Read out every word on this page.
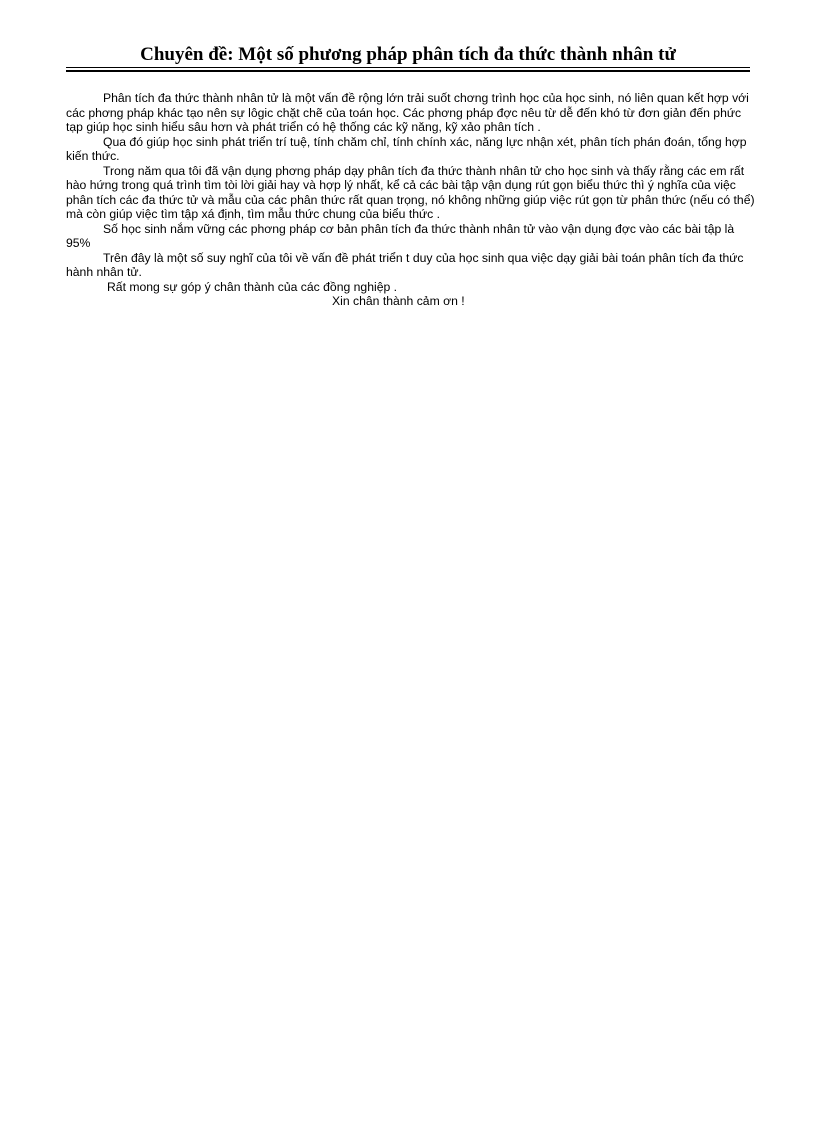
Chuyên đề: Một số phương pháp phân tích đa thức thành nhân tử

Phân tích đa thức thành nhân tử là một vấn đề rộng lớn trải suốt chơng trình học của học sinh, nó liên quan kết hợp với các phơng pháp khác tạo nên sự lôgic chặt chẽ của toán học. Các phơng pháp đợc nêu từ dễ đến khó từ đơn giản đến phức tạp giúp học sinh hiểu sâu hơn và phát triển có hệ thống các kỹ năng, kỹ xảo phân tích .

Qua đó giúp học sinh phát triển trí tuệ, tính chăm chỉ, tính chính xác, năng lực nhận xét, phân tích phán đoán, tổng hợp kiến thức.

Trong năm qua tôi đã vận dụng phơng pháp dạy phân tích đa thức thành nhân tử cho học sinh và thấy rằng các em rất hào hứng trong quá trình tìm tòi lời giải hay và hợp lý nhất, kể cả các bài tập vận dụng rút gọn biểu thức thì ý nghĩa của việc phân tích các đa thức tử và mẫu của các phân thức rất quan trọng, nó không những giúp việc rút gọn từ phân thức (nếu có thể) mà còn giúp việc tìm tập xá định, tìm mẫu thức chung của biểu thức .

Số học sinh nắm vững các phơng pháp cơ bản phân tích đa thức thành nhân tử vào vận dụng đợc vào các bài tập là 95%

Trên đây là một số suy nghĩ của tôi về vấn đề phát triển t duy của học sinh qua việc dạy giải bài toán phân tích đa thức hành nhân tử.

Rất mong sự góp ý chân thành của các đồng nghiệp .

Xin chân thành cảm ơn !
